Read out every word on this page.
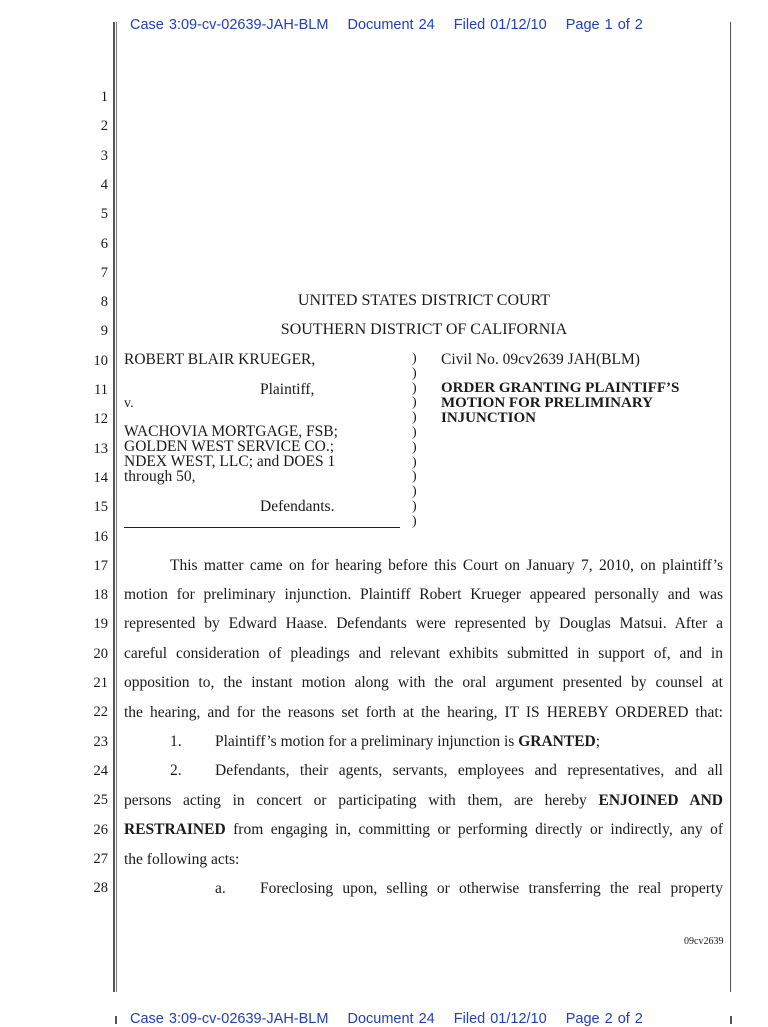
Case 3:09-cv-02639-JAH-BLM Document 24 Filed 01/12/10 Page 1 of 2
1
2
3
4
5
6
7
8
9
10
11
12
13
14
15
16
17
18
19
20
21
22
23
24
25
26
27
28
UNITED STATES DISTRICT COURT
SOUTHERN DISTRICT OF CALIFORNIA
ROBERT BLAIR KRUEGER,
Plaintiff,
v.
WACHOVIA MORTGAGE, FSB;
GOLDEN WEST SERVICE CO.;
NDEX WEST, LLC; and DOES 1
through 50,
Defendants.
)
)
)
)
)
)
)
)
)
)
)
)
Civil No. 09cv2639 JAH(BLM)
ORDER GRANTING PLAINTIFF’S
MOTION FOR PRELIMINARY
INJUNCTION
This matter came on for hearing before this Court on January 7, 2010, on plaintiff’s
motion for preliminary injunction. Plaintiff Robert Krueger appeared personally and was
represented by Edward Haase. Defendants were represented by Douglas Matsui. After a
careful consideration of pleadings and relevant exhibits submitted in support of, and in
opposition to, the instant motion along with the oral argument presented by counsel at
the hearing, and for the reasons set forth at the hearing, IT IS HEREBY ORDERED that:
1. Plaintiff’s motion for a preliminary injunction is GRANTED;
2. Defendants, their agents, servants, employees and representatives, and all
persons acting in concert or participating with them, are hereby ENJOINED AND
RESTRAINED from engaging in, committing or performing directly or indirectly, any of
the following acts:
a. Foreclosing upon, selling or otherwise transferring the real property
09cv2639
Case 3:09-cv-02639-JAH-BLM Document 24 Filed 01/12/10 Page 2 of 2
